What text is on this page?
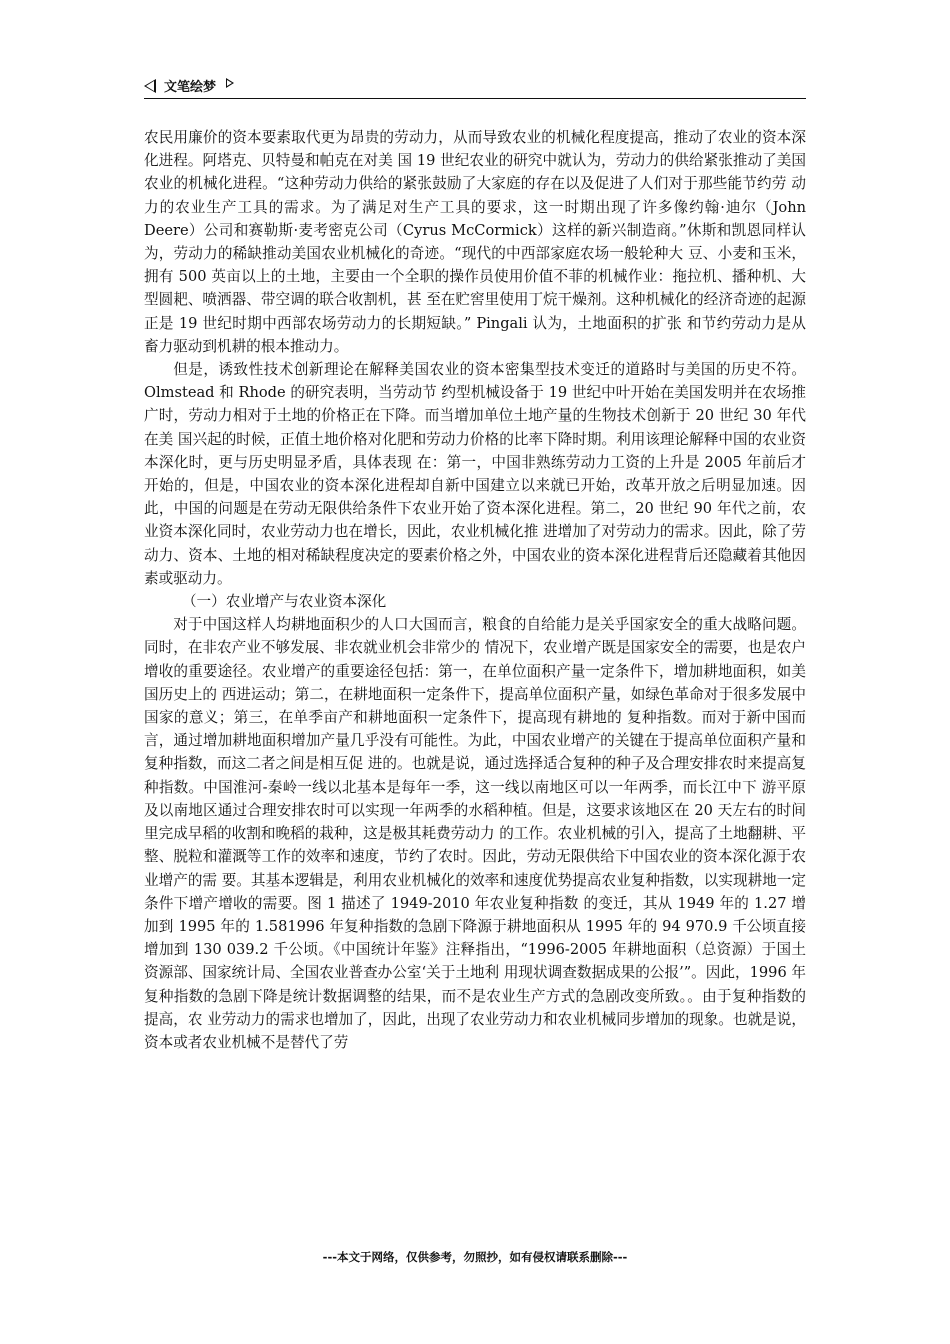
文笔绘梦

农民用廉价的资本要素取代更为昂贵的劳动力，从而导致农业的机械化程度提高，推动了农业的资本深化进程。阿塔克、贝特曼和帕克在对美 国 19 世纪农业的研究中就认为，劳动力的供给紧张推动了美国农业的机械化进程。“这种劳动力供给的紧张鼓励了大家庭的存在以及促进了人们对于那些能节约劳 动力的农业生产工具的需求。为了满足对生产工具的要求，这一时期出现了许多像约翰·迪尔（John Deere）公司和赛勒斯·麦考密克公司（Cyrus McCormick）这样的新兴制造商。”休斯和凯恩同样认为，劳动力的稀缺推动美国农业机械化的奇迹。“现代的中西部家庭农场一般轮种大 豆、小麦和玉米，拥有 500 英亩以上的土地，主要由一个全职的操作员使用价值不菲的机械作业：拖拉机、播种机、大型圆耙、喷洒器、带空调的联合收割机，甚 至在贮窖里使用丁烷干燥剂。这种机械化的经济奇迹的起源正是 19 世纪时期中西部农场劳动力的长期短缺。” Pingali 认为，土地面积的扩张 和节约劳动力是从畜力驱动到机耕的根本推动力。

但是，诱致性技术创新理论在解释美国农业的资本密集型技术变迁的道路时与美国的历史不符。Olmstead 和 Rhode 的研究表明，当劳动节 约型机械设备于 19 世纪中叶开始在美国发明并在农场推广时，劳动力相对于土地的价格正在下降。而当增加单位土地产量的生物技术创新于 20 世纪 30 年代在美 国兴起的时候，正值土地价格对化肥和劳动力价格的比率下降时期。利用该理论解释中国的农业资本深化时，更与历史明显矛盾，具体表现 在：第一，中国非熟练劳动力工资的上升是 2005 年前后才开始的，但是，中国农业的资本深化进程却自新中国建立以来就已开始，改革开放之后明显加速。因 此，中国的问题是在劳动无限供给条件下农业开始了资本深化进程。第二，20 世纪 90 年代之前，农业资本深化同时，农业劳动力也在增长，因此，农业机械化推 进增加了对劳动力的需求。因此，除了劳动力、资本、土地的相对稀缺程度决定的要素价格之外，中国农业的资本深化进程背后还隐藏着其他因素或驱动力。

（一）农业增产与农业资本深化

对于中国这样人均耕地面积少的人口大国而言，粮食的自给能力是关乎国家安全的重大战略问题。同时，在非农产业不够发展、非农就业机会非常少的 情况下，农业增产既是国家安全的需要，也是农户增收的重要途径。农业增产的重要途径包括：第一，在单位面积产量一定条件下，增加耕地面积，如美国历史上的 西进运动；第二，在耕地面积一定条件下，提高单位面积产量，如绿色革命对于很多发展中国家的意义；第三，在单季亩产和耕地面积一定条件下，提高现有耕地的 复种指数。而对于新中国而言，通过增加耕地面积增加产量几乎没有可能性。为此，中国农业增产的关键在于提高单位面积产量和复种指数，而这二者之间是相互促 进的。也就是说，通过选择适合复种的种子及合理安排农时来提高复种指数。中国淮河-秦岭一线以北基本是每年一季，这一线以南地区可以一年两季，而长江中下 游平原及以南地区通过合理安排农时可以实现一年两季的水稻种植。但是，这要求该地区在 20 天左右的时间里完成早稻的收割和晚稻的栽种，这是极其耗费劳动力 的工作。农业机械的引入，提高了土地翻耕、平整、脱粒和灌溉等工作的效率和速度，节约了农时。因此，劳动无限供给下中国农业的资本深化源于农业增产的需 要。其基本逻辑是，利用农业机械化的效率和速度优势提高农业复种指数，以实现耕地一定条件下增产增收的需要。图 1 描述了 1949-2010 年农业复种指数 的变迁，其从 1949 年的 1.27 增加到 1995 年的 1.581996 年复种指数的急剧下降源于耕地面积从 1995 年的 94 970.9 千公顷直接增加到 130 039.2 千公顷。《中国统计年鉴》注释指出，“1996-2005 年耕地面积（总资源）于国土资源部、国家统计局、全国农业普查办公室‘关于土地利 用现状调查数据成果的公报’”。因此，1996 年复种指数的急剧下降是统计数据调整的结果，而不是农业生产方式的急剧改变所致。。由于复种指数的提高，农 业劳动力的需求也增加了，因此，出现了农业劳动力和农业机械同步增加的现象。也就是说，资本或者农业机械不是替代了劳

---本文于网络，仅供参考，勿照抄，如有侵权请联系删除---
